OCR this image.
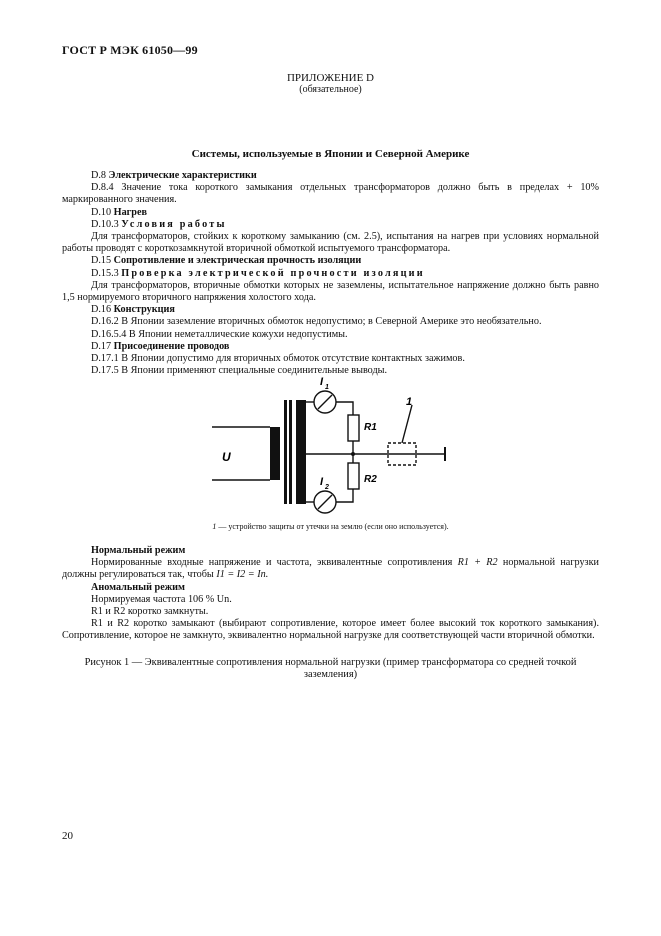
ГОСТ Р МЭК 61050—99
ПРИЛОЖЕНИЕ D
(обязательное)
Системы, используемые в Японии и Северной Америке

D.8 Электрические характеристики

D.8.4 Значение тока короткого замыкания отдельных трансформаторов должно быть в пределах + 10% маркированного значения.

D.10 Нагрев

D.10.3 Условия работы

Для трансформаторов, стойких к короткому замыканию (см. 2.5), испытания на нагрев при условиях нормальной работы проводят с короткозамкнутой вторичной обмоткой испытуемого трансформатора.

D.15 Сопротивление и электрическая прочность изоляции

D.15.3 Проверка электрической прочности изоляции

Для трансформаторов, вторичные обмотки которых не заземлены, испытательное напряжение должно быть равно 1,5 нормируемого вторичного напряжения холостого хода.

D.16 Конструкция

D.16.2 В Японии заземление вторичных обмоток недопустимо; в Северной Америке это необязательно.

D.16.5.4 В Японии неметаллические кожухи недопустимы.

D.17 Присоединение проводов

D.17.1 В Японии допустимо для вторичных обмоток отсутствие контактных зажимов.

D.17.5 В Японии применяют специальные соединительные выводы.

U
I 1
I 2
R1
R2
1
1 — устройство защиты от утечки на землю (если оно используется).

Нормальный режим

Нормированные входные напряжение и частота, эквивалентные сопротивления R1 + R2 нормальной нагрузки должны регулироваться так, чтобы I1 = I2 = In.

Аномальный режим

Нормируемая частота 106 % Un.

R1 и R2 коротко замкнуты.

R1 и R2 коротко замыкают (выбирают сопротивление, которое имеет более высокий ток короткого замыкания). Сопротивление, которое не замкнуто, эквивалентно нормальной нагрузке для соответствующей части вторичной обмотки.

Рисунок 1 — Эквивалентные сопротивления нормальной нагрузки (пример трансформатора со средней точкой заземления)
20
